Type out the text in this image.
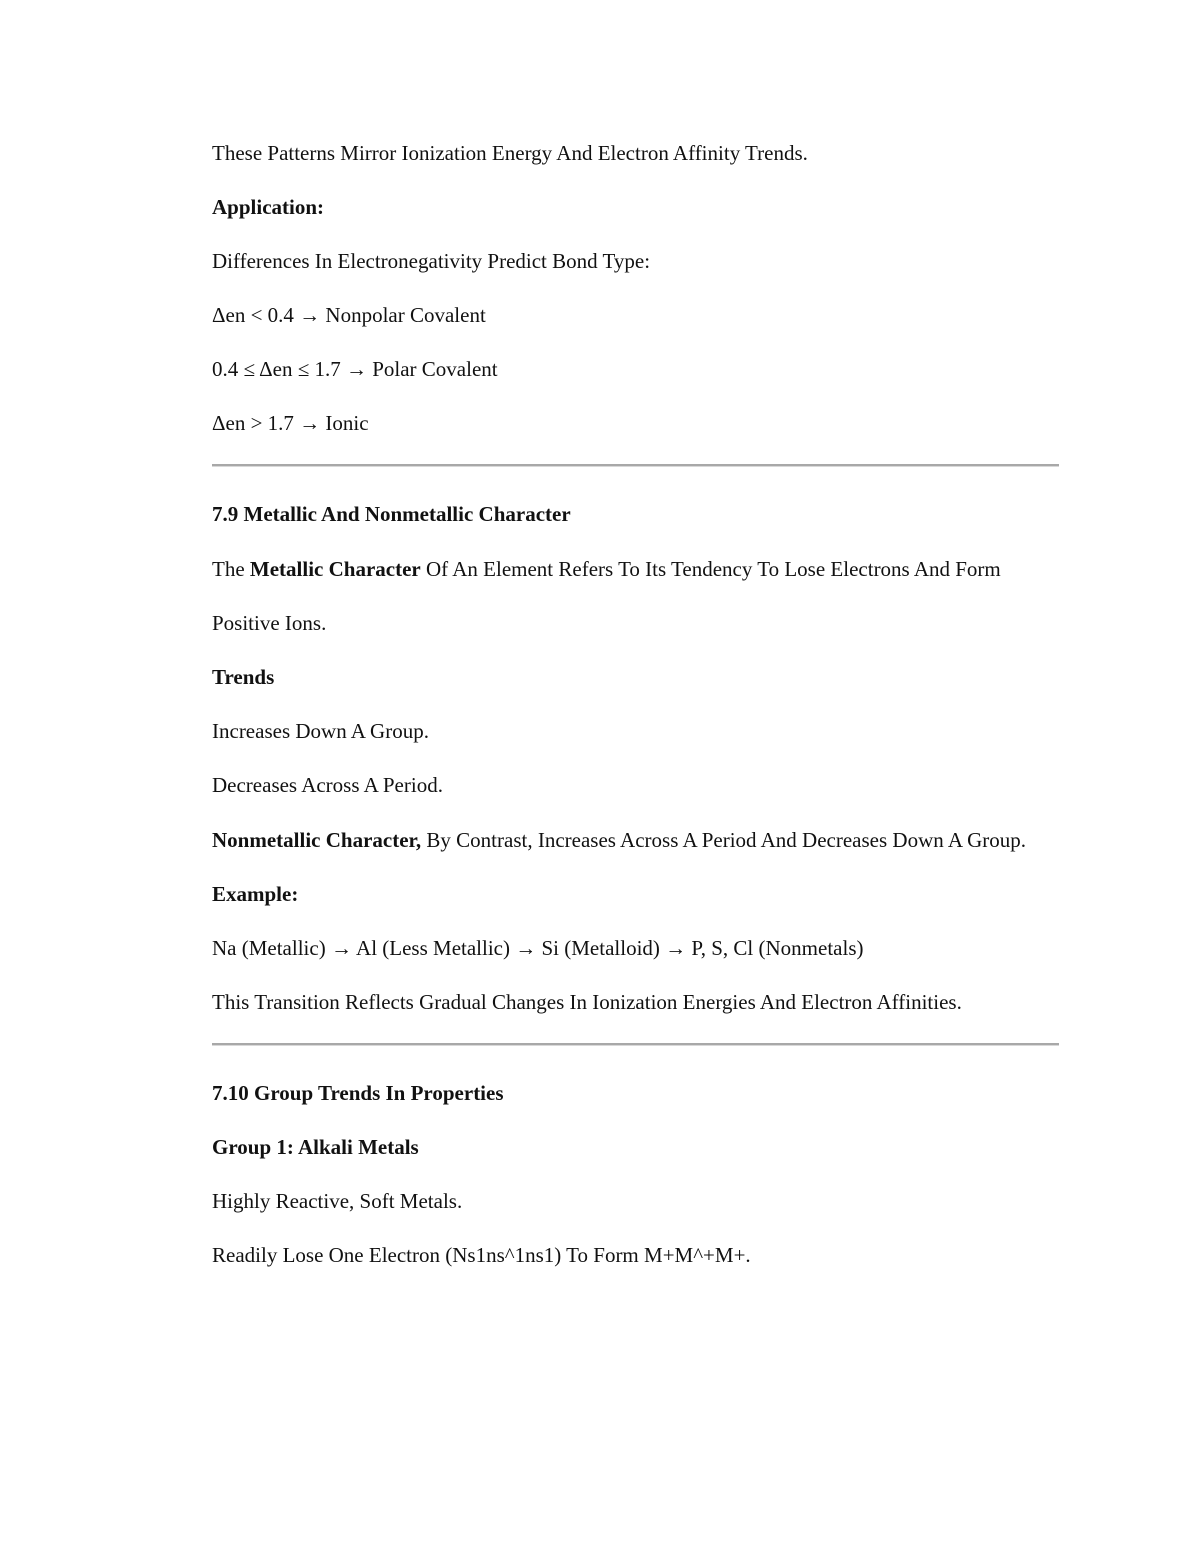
These Patterns Mirror Ionization Energy And Electron Affinity Trends.

Application:

Differences In Electronegativity Predict Bond Type:

Δen < 0.4 → Nonpolar Covalent

0.4 ≤ Δen ≤ 1.7 → Polar Covalent

Δen > 1.7 → Ionic

7.9 Metallic And Nonmetallic Character

The Metallic Character Of An Element Refers To Its Tendency To Lose Electrons And Form Positive Ions.

Trends

Increases Down A Group.

Decreases Across A Period.

Nonmetallic Character, By Contrast, Increases Across A Period And Decreases Down A Group.

Example:

Na (Metallic) → Al (Less Metallic) → Si (Metalloid) → P, S, Cl (Nonmetals)

This Transition Reflects Gradual Changes In Ionization Energies And Electron Affinities.

7.10 Group Trends In Properties

Group 1: Alkali Metals

Highly Reactive, Soft Metals.

Readily Lose One Electron (Ns1ns^1ns1) To Form M+M^+M+.
